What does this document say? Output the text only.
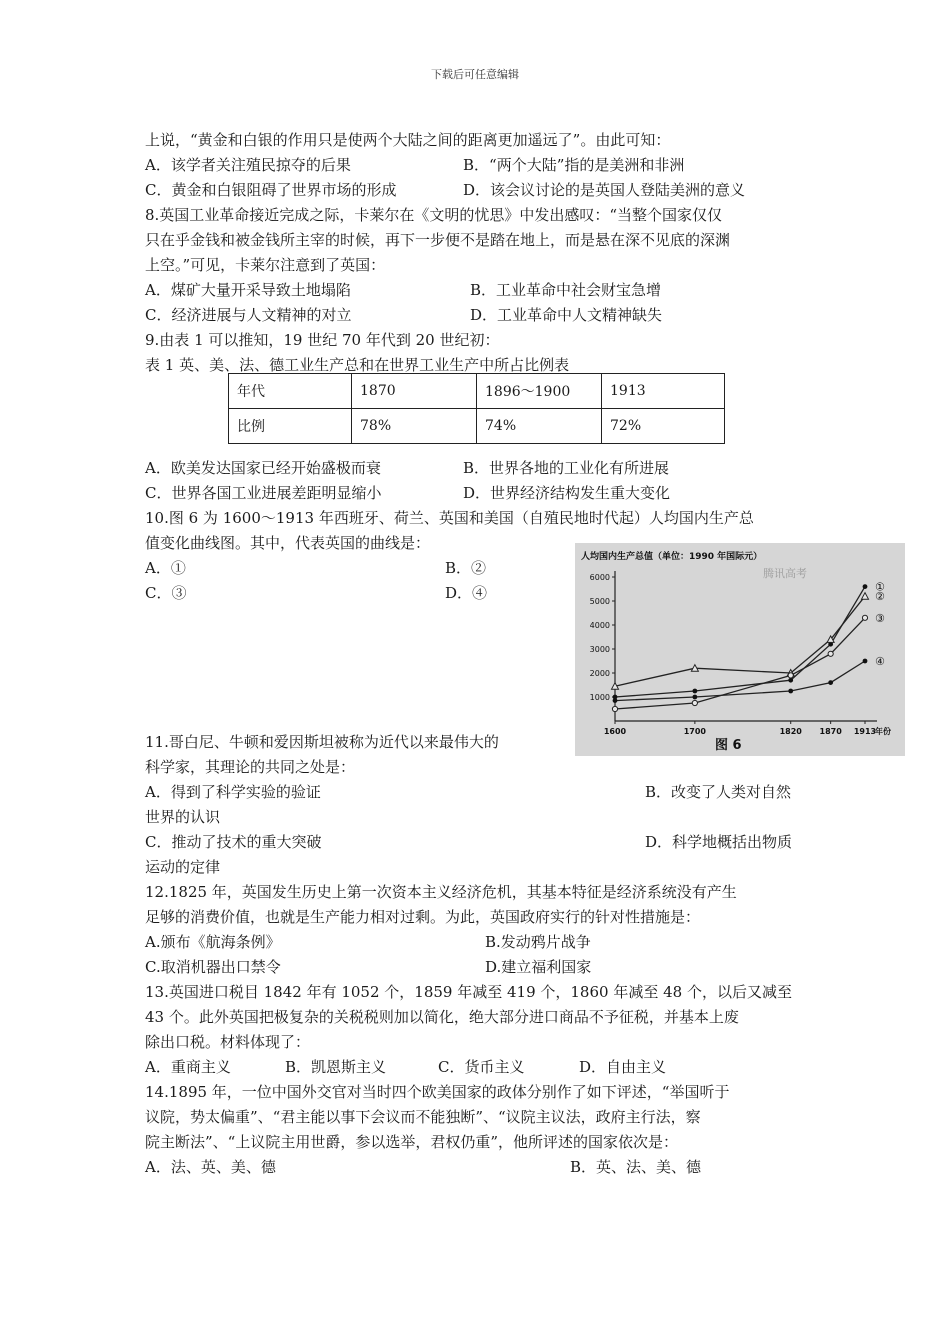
下载后可任意编辑
上说，“黄金和白银的作用只是使两个大陆之间的距离更加遥远了”。由此可知：
A．该学者关注殖民掠夺的后果	B．“两个大陆”指的是美洲和非洲
C．黄金和白银阻碍了世界市场的形成	D．该会议讨论的是英国人登陆美洲的意义
8.英国工业革命接近完成之际，卡莱尔在《文明的忧思》中发出感叹：“当整个国家仅仅
只在乎金钱和被金钱所主宰的时候，再下一步便不是踏在地上，而是悬在深不见底的深渊
上空。”可见，卡莱尔注意到了英国：
A．煤矿大量开采导致土地塌陷	B．工业革命中社会财宝急增
C．经济进展与人文精神的对立	D．工业革命中人文精神缺失
9.由表 1 可以推知，19 世纪 70 年代到 20 世纪初：
表 1 英、美、法、德工业生产总和在世界工业生产中所占比例表
A．欧美发达国家已经开始盛极而衰	B．世界各地的工业化有所进展
C．世界各国工业进展差距明显缩小	D．世界经济结构发生重大变化
10.图 6 为 1600～1913 年西班牙、荷兰、英国和美国（自殖民地时代起）人均国内生产总
值变化曲线图。其中，代表英国的曲线是：
A．①	B．②
C．③	D．④
11.哥白尼、牛顿和爱因斯坦被称为近代以来最伟大的
科学家，其理论的共同之处是：
A．得到了科学实验的验证	B．改变了人类对自然
世界的认识
C．推动了技术的重大突破	D．科学地概括出物质
运动的定律
12.1825 年，英国发生历史上第一次资本主义经济危机，其基本特征是经济系统没有产生
足够的消费价值，也就是生产能力相对过剩。为此，英国政府实行的针对性措施是：
A.颁布《航海条例》	B.发动鸦片战争
C.取消机器出口禁令	D.建立福利国家
13.英国进口税目 1842 年有 1052 个，1859 年减至 419 个，1860 年减至 48 个，以后又减至
43 个。此外英国把极复杂的关税税则加以简化，绝大部分进口商品不予征税，并基本上废
除出口税。材料体现了：
A．重商主义	B．凯恩斯主义	C．货币主义	D．自由主义
14.1895 年，一位中国外交官对当时四个欧美国家的政体分别作了如下评述，“举国听于
议院，势太偏重”、“君主能以事下会议而不能独断”、“议院主议法，政府主行法，察
院主断法”、“上议院主用世爵，参以选举，君权仍重”，他所评述的国家依次是：
A．法、英、美、德	B．英、法、美、德
年代	1870	1896～1900	1913
比例	78%	74%	72%
人均国内生产总值（单位：1990 年国际元）
腾讯高考
1000
2000
3000
4000
5000
6000
1600	1700	1820 1870 1913
年份
图 6
①
②
③
④
